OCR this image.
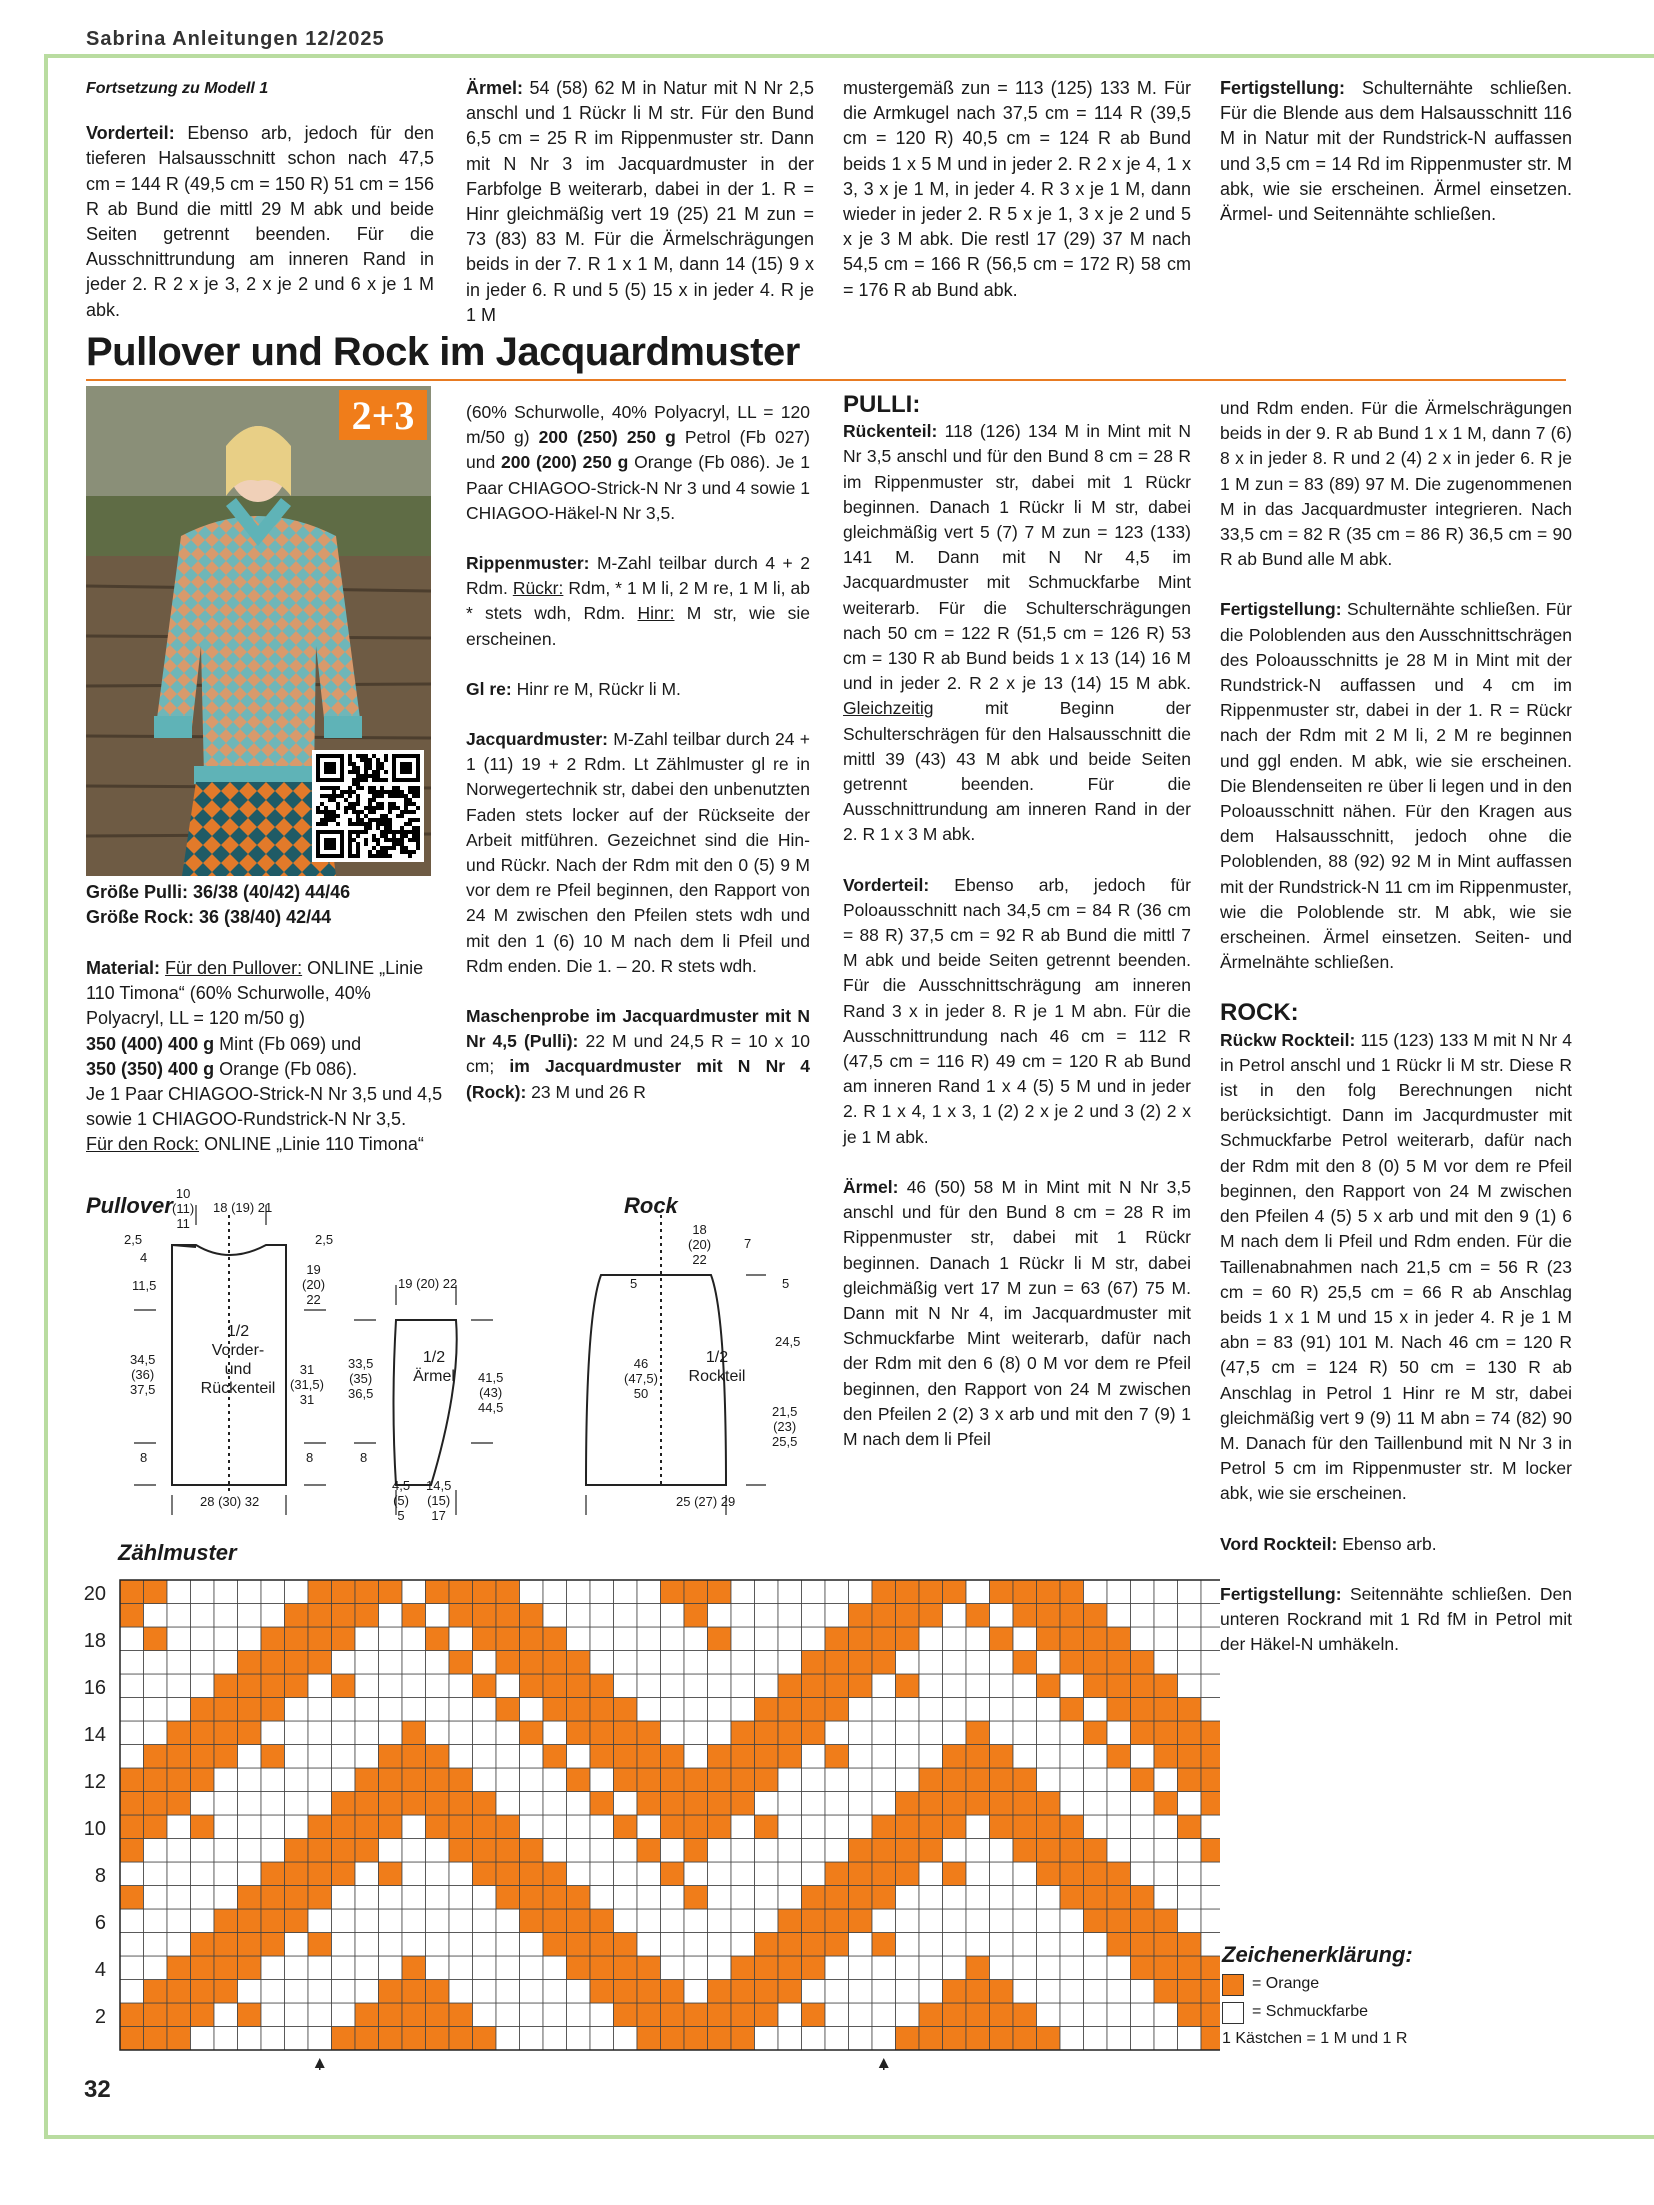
Sabrina Anleitungen 12/2025

Fortsetzung zu Modell 1

Vorderteil: Ebenso arb, jedoch für den tieferen Halsausschnitt schon nach 47,5 cm = 144 R (49,5 cm = 150 R) 51 cm = 156 R ab Bund die mittl 29 M abk und beide Seiten getrennt beenden. Für die Ausschnittrundung am inneren Rand in jeder 2. R 2 x je 3, 2 x je 2 und 6 x je 1 M abk.

Ärmel: 54 (58) 62 M in Natur mit N Nr 2,5 anschl und 1 Rückr li M str. Für den Bund 6,5 cm = 25 R im Rippenmuster str. Dann mit N Nr 3 im Jacquardmuster in der Farbfolge B weiterarb, dabei in der 1. R = Hinr gleichmäßig vert 19 (25) 21 M zun = 73 (83) 83 M. Für die Ärmelschrägungen beids in der 7. R 1 x 1 M, dann 14 (15) 9 x in jeder 6. R und 5 (5) 15 x in jeder 4. R je 1 M

mustergemäß zun = 113 (125) 133 M. Für die Armkugel nach 37,5 cm = 114 R (39,5 cm = 120 R) 40,5 cm = 124 R ab Bund beids 1 x 5 M und in jeder 2. R 2 x je 4, 1 x 3, 3 x je 1 M, in jeder 4. R 3 x je 1 M, dann wieder in jeder 2. R 5 x je 1, 3 x je 2 und 5 x je 3 M abk. Die restl 17 (29) 37 M nach 54,5 cm = 166 R (56,5 cm = 172 R) 58 cm = 176 R ab Bund abk.

Fertigstellung: Schulternähte schließen. Für die Blende aus dem Halsausschnitt 116 M in Natur mit der Rundstrick-N auffassen und 3,5 cm = 14 Rd im Rippenmuster str. M abk, wie sie erscheinen. Ärmel einsetzen. Ärmel- und Seitennähte schließen.

Pullover und Rock im Jacquardmuster
2+3
Größe Pulli: 36/38 (40/42) 44/46
Größe Rock: 36 (38/40) 42/44
Material: Für den Pullover: ONLINE „Linie 110 Timona“ (60% Schurwolle, 40% Polyacryl, LL = 120 m/50 g)
350 (400) 400 g Mint (Fb 069) und
350 (350) 400 g Orange (Fb 086).
Je 1 Paar CHIAGOO-Strick-N Nr 3,5 und 4,5 sowie 1 CHIAGOO-Rundstrick-N Nr 3,5.
Für den Rock: ONLINE „Linie 110 Timona“

(60% Schurwolle, 40% Polyacryl, LL = 120 m/50 g) 200 (250) 250 g Petrol (Fb 027) und 200 (200) 250 g Orange (Fb 086). Je 1 Paar CHIAGOO-Strick-N Nr 3 und 4 sowie 1 CHIAGOO-Häkel-N Nr 3,5.

Rippenmuster: M-Zahl teilbar durch 4 + 2 Rdm. Rückr: Rdm, * 1 M li, 2 M re, 1 M li, ab * stets wdh, Rdm. Hinr: M str, wie sie erscheinen.

Gl re: Hinr re M, Rückr li M.

Jacquardmuster: M-Zahl teilbar durch 24 + 1 (11) 19 + 2 Rdm. Lt Zählmuster gl re in Norwegertechnik str, dabei den unbenutzten Faden stets locker auf der Rückseite der Arbeit mitführen. Gezeichnet sind die Hin- und Rückr. Nach der Rdm mit den 0 (5) 9 M vor dem re Pfeil beginnen, den Rapport von 24 M zwischen den Pfeilen stets wdh und mit den 1 (6) 10 M nach dem li Pfeil und Rdm enden. Die 1. – 20. R stets wdh.

Maschenprobe im Jacquardmuster mit N Nr 4,5 (Pulli): 22 M und 24,5 R = 10 x 10 cm; im Jacquardmuster mit N Nr 4 (Rock): 23 M und 26 R

PULLI:

Rückenteil: 118 (126) 134 M in Mint mit N Nr 3,5 anschl und für den Bund 8 cm = 28 R im Rippenmuster str, dabei mit 1 Rückr beginnen. Danach 1 Rückr li M str, dabei gleichmäßig vert 5 (7) 7 M zun = 123 (133) 141 M. Dann mit N Nr 4,5 im Jacquardmuster mit Schmuckfarbe Mint weiterarb. Für die Schulterschrägungen nach 50 cm = 122 R (51,5 cm = 126 R) 53 cm = 130 R ab Bund beids 1 x 13 (14) 16 M und in jeder 2. R 2 x je 13 (14) 15 M abk. Gleichzeitig	mit Beginn der Schulterschrägen für den Halsausschnitt die mittl 39 (43) 43 M abk und beide Seiten getrennt beenden. Für die Ausschnittrundung am inneren Rand in der 2. R 1 x 3 M abk.

Vorderteil: Ebenso arb, jedoch für Poloausschnitt nach 34,5 cm = 84 R (36 cm = 88 R) 37,5 cm = 92 R ab Bund die mittl 7 M abk und beide Seiten getrennt beenden. Für die Ausschnittschrägung am inneren Rand 3 x in jeder 8. R je 1 M abn. Für die Ausschnittrundung nach 46 cm = 112 R (47,5 cm = 116 R) 49 cm = 120 R ab Bund am inneren Rand 1 x 4 (5) 5 M und in jeder 2. R 1 x 4, 1 x 3, 1 (2) 2 x je 2 und 3 (2) 2 x je 1 M abk.

Ärmel: 46 (50) 58 M in Mint mit N Nr 3,5 anschl und für den Bund 8 cm = 28 R im Rippenmuster str, dabei mit 1 Rückr beginnen. Danach 1 Rückr li M str, dabei gleichmäßig vert 17 M zun = 63 (67) 75 M. Dann mit N Nr 4, im Jacquardmuster mit Schmuckfarbe Mint weiterarb, dafür nach der Rdm mit den 6 (8) 0 M vor dem re Pfeil beginnen, den Rapport von 24 M zwischen den Pfeilen 2 (2) 3 x arb und mit den 7 (9) 1 M nach dem li Pfeil

und Rdm enden. Für die Ärmelschrägungen beids in der 9. R ab Bund 1 x 1 M, dann 7 (6) 8 x in jeder 8. R und 2 (4) 2 x in jeder 6. R je 1 M zun = 83 (89) 97 M. Die zugenommenen M in das Jacquardmuster integrieren. Nach 33,5 cm = 82 R (35 cm = 86 R) 36,5 cm = 90 R ab Bund alle M abk.

Fertigstellung: Schulternähte schließen. Für die Poloblenden aus den Ausschnittschrägen des Poloausschnitts je 28 M in Mint mit der Rundstrick-N auffassen und 4 cm im Rippenmuster str, dabei in der 1. R = Rückr nach der Rdm mit 2 M li, 2 M re beginnen und ggl enden. M abk, wie sie erscheinen. Die Blendenseiten re über li legen und in den Poloausschnitt nähen. Für den Kragen aus dem Halsausschnitt, jedoch ohne die Poloblenden, 88 (92) 92 M in Mint auffassen mit der Rundstrick-N 11 cm im Rippenmuster, wie die Poloblende str. M abk, wie sie erscheinen. Ärmel einsetzen. Seiten- und Ärmelnähte schließen.

ROCK:

Rückw Rockteil: 115 (123) 133 M mit N Nr 4 in Petrol anschl und 1 Rückr li M str. Diese R ist in den folg Berechnungen nicht berücksichtigt. Dann im Jacqurdmuster mit Schmuckfarbe Petrol weiterarb, dafür nach der Rdm mit den 8 (0) 5 M vor dem re Pfeil beginnen, den Rapport von 24 M zwischen den Pfeilen 4 (5) 5 x arb und mit den 9 (1) 6 M nach dem li Pfeil und Rdm enden. Für die Taillenabnahmen nach 21,5 cm = 56 R (23 cm = 60 R) 25,5 cm = 66 R ab Anschlag beids 1 x 1 M und 15 x in jeder 4. R je 1 M abn = 83 (91) 101 M. Nach 46 cm = 120 R (47,5 cm = 124 R) 50 cm = 130 R ab Anschlag in Petrol 1 Hinr re M str, dabei gleichmäßig vert 9 (9) 11 M abn = 74 (82) 90 M. Danach für den Taillenbund mit N Nr 3 in Petrol 5 cm im Rippenmuster str. M locker abk, wie sie erscheinen.

Vord Rockteil: Ebenso arb.

Fertigstellung: Seitennähte schließen. Den unteren Rockrand mit 1 Rd fM in Petrol mit der Häkel-N umhäkeln.

Pullover	Rock
1/2
Vorder-
und
Rückenteil
1/2
Ärmel
1/2
Rockteil
10
(11)
11
18 (19) 21
2,5	2,5
4
11,5
34,5
(36)
37,5
8
19
(20)
22
31
(31,5)
31
8
28 (30) 32
19 (20) 22
33,5
(35)
36,5
41,5
(43)
44,5
8
4,5
(5)
5
14,5
(15)
17
18
(20)
22
7
5	5
46
(47,5)
50
24,5
21,5
(23)
25,5
25 (27) 29
Zählmuster
20
18
16
14
12
10
8
6
4
2
Zeichenerklärung:
= Orange
= Schmuckfarbe
1 Kästchen = 1 M und 1 R
32
